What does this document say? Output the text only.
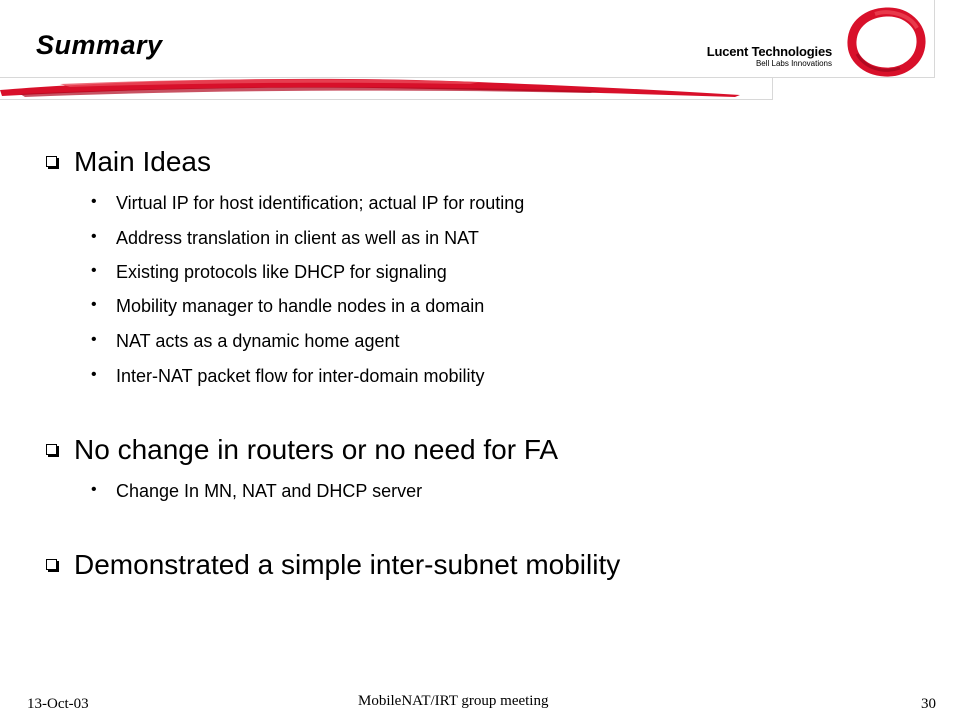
Summary	Lucent Technologies
Bell Labs Innovations
Main Ideas
• Virtual IP for host identification; actual IP for routing
• Address translation in client as well as in NAT
• Existing protocols like DHCP for signaling
• Mobility manager to handle nodes in a domain
• NAT acts as a dynamic home agent
• Inter-NAT packet flow for inter-domain mobility
No change in routers or no need for FA
• Change In MN, NAT and DHCP server
Demonstrated a simple inter-subnet mobility
13-Oct-03	MobileNAT/IRT group meeting	30
